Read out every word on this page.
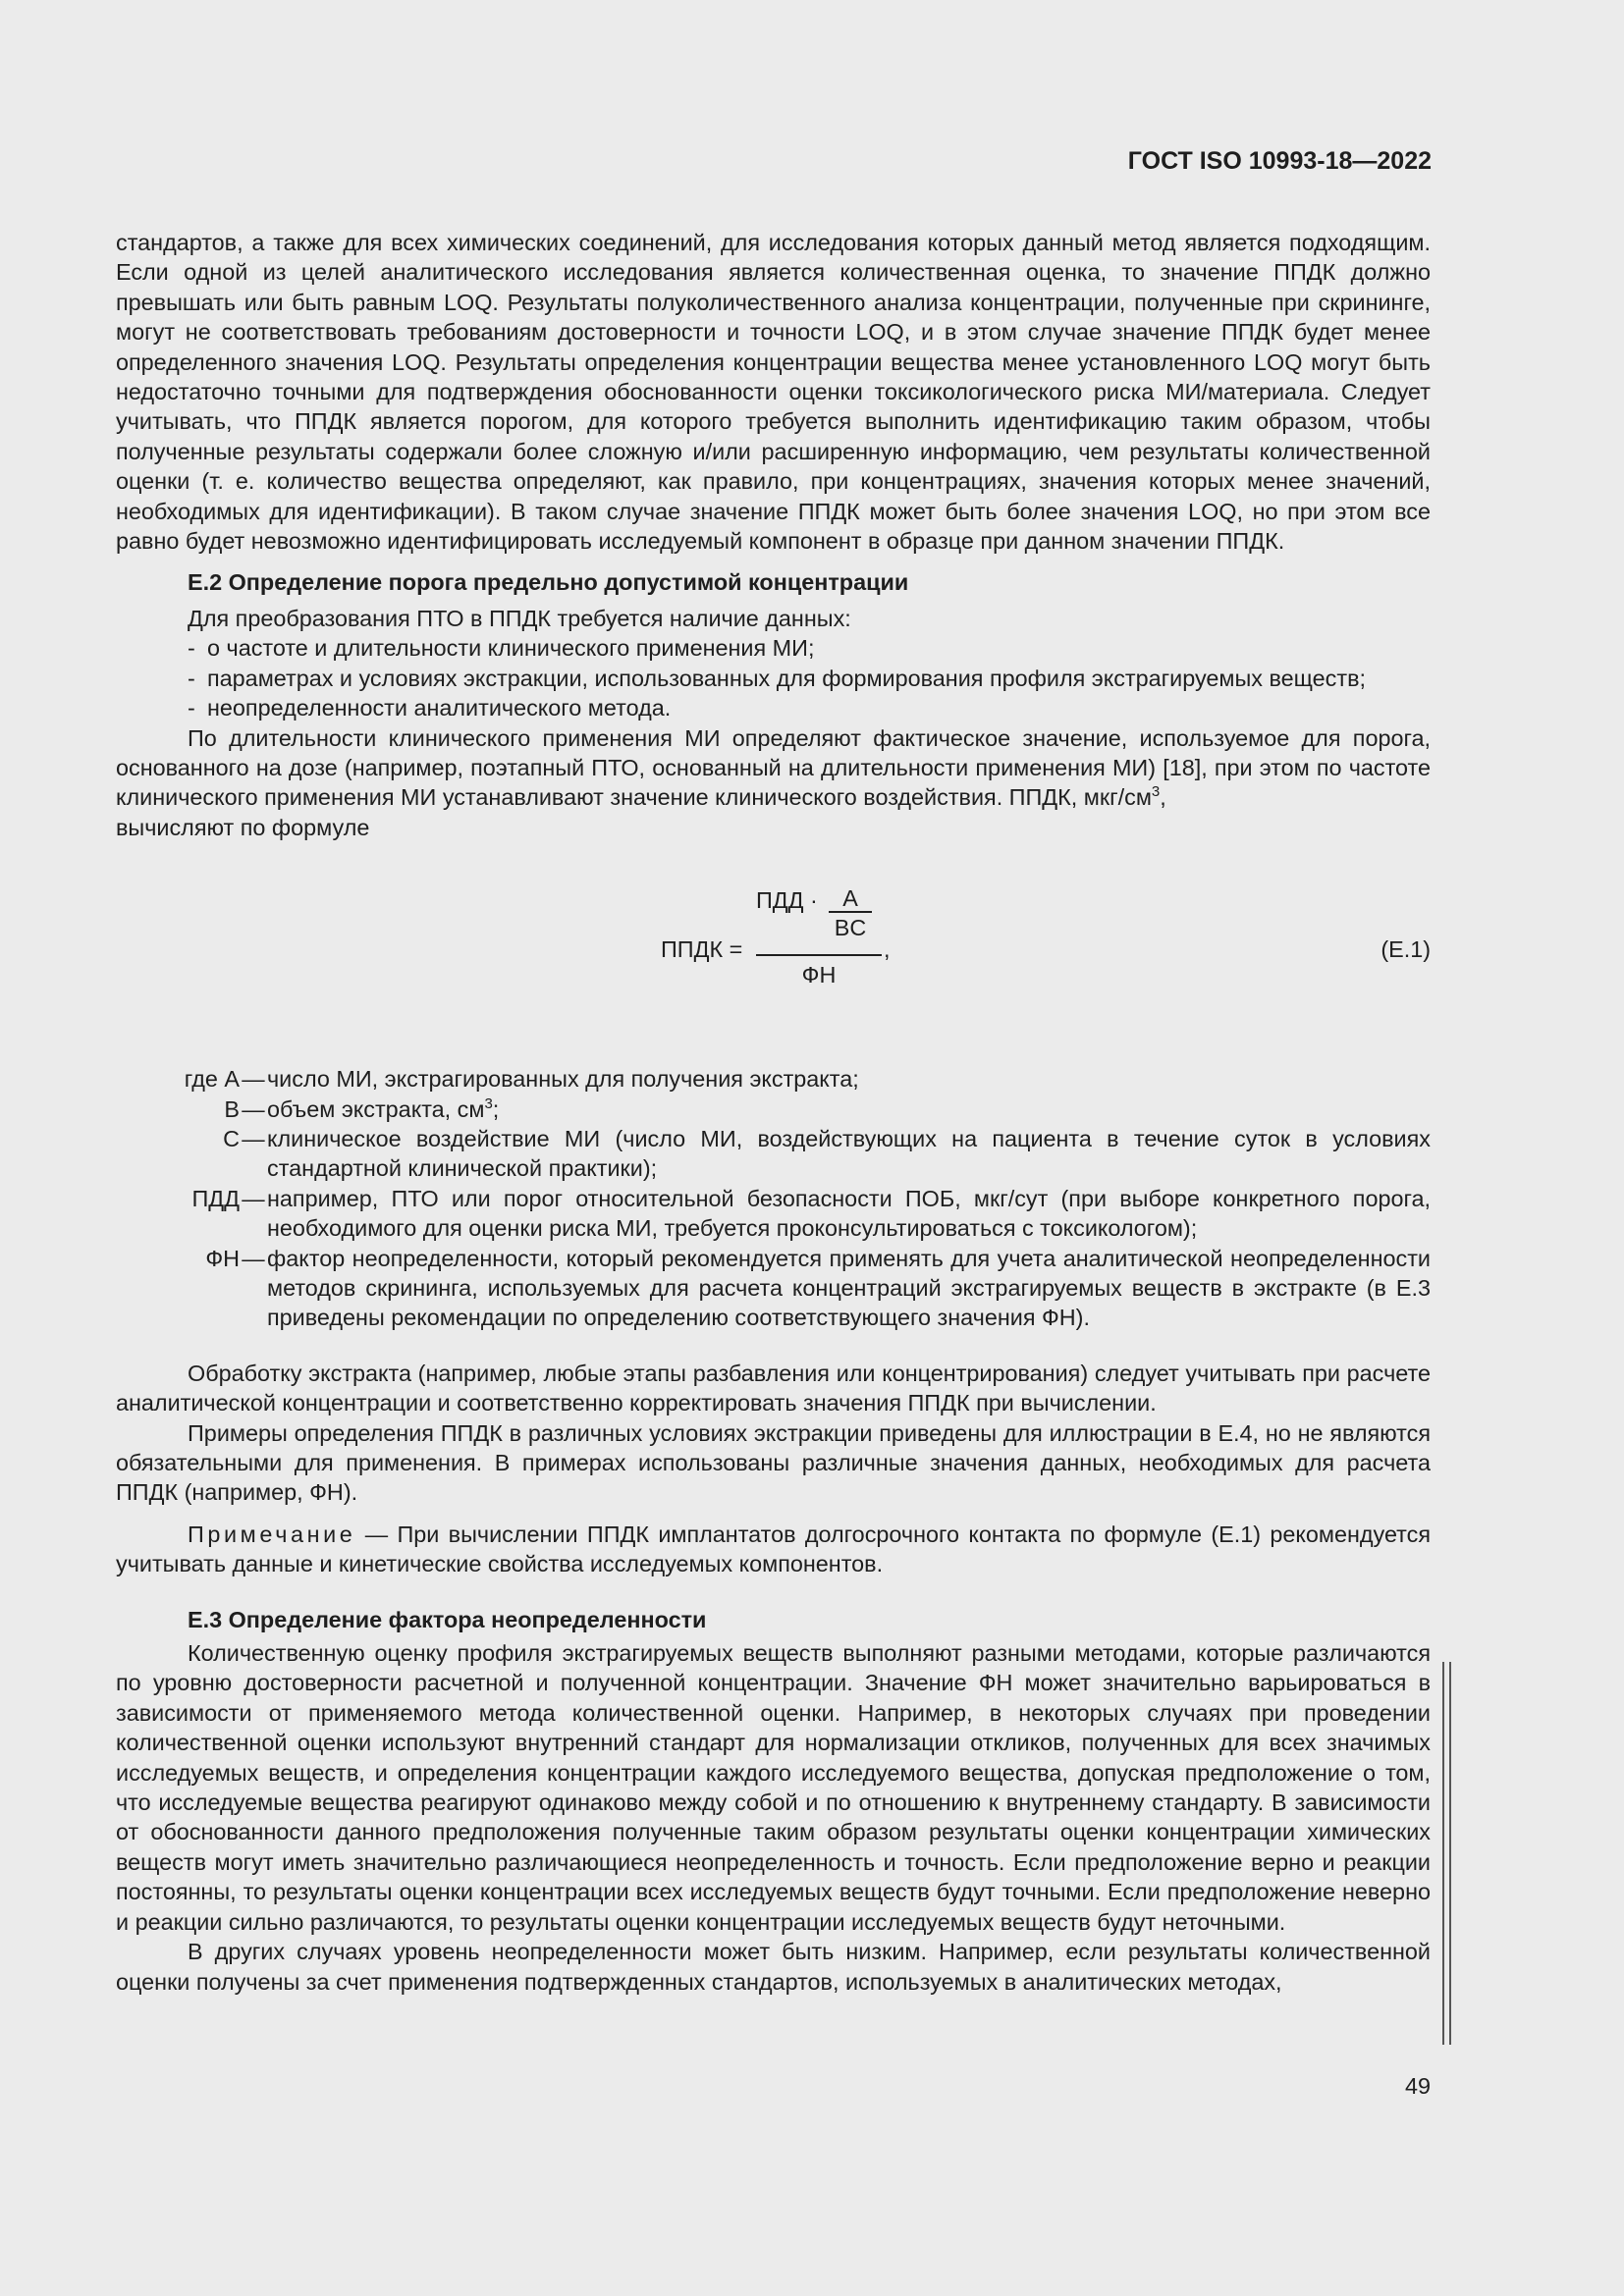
ГОСТ ISO 10993-18—2022

стандартов, а также для всех химических соединений, для исследования которых данный метод является подходящим. Если одной из целей аналитического исследования является количественная оценка, то значение ППДК должно превышать или быть равным LOQ. Результаты полуколичественного анализа концентрации, полученные при скрининге, могут не соответствовать требованиям достоверности и точности LOQ, и в этом случае значение ППДК будет менее определенного значения LOQ. Результаты определения концентрации вещества менее установленного LOQ могут быть недостаточно точными для подтверждения обоснованности оценки токсикологического риска МИ/материала. Следует учитывать, что ППДК является порогом, для которого требуется выполнить идентификацию таким образом, чтобы полученные результаты содержали более сложную и/или расширенную информацию, чем результаты количественной оценки (т. е. количество вещества определяют, как правило, при концентрациях, значения которых менее значений, необходимых для идентификации). В таком случае значение ППДК может быть более значения LOQ, но при этом все равно будет невозможно идентифицировать исследуемый компонент в образце при данном значении ППДК.

Е.2 Определение порога предельно допустимой концентрации

Для преобразования ПТО в ППДК требуется наличие данных:

- о частоте и длительности клинического применения МИ;

- параметрах и условиях экстракции, использованных для формирования профиля экстрагируемых веществ;

- неопределенности аналитического метода.

По длительности клинического применения МИ определяют фактическое значение, используемое для порога, основанного на дозе (например, поэтапный ПТО, основанный на длительности применения МИ) [18], при этом по частоте клинического применения МИ устанавливают значение клинического воздействия. ППДК, мкг/$см^3$,
вычисляют по формуле

ППДК =
ПДД ·	A
BC
ФН
,	(Е.1)
где A — число МИ, экстрагированных для получения экстракта;
B — объем экстракта, $см^3$;
C — клиническое воздействие МИ (число МИ, воздействующих на пациента в течение суток в условиях стандартной клинической практики);
ПДД — например, ПТО или порог относительной безопасности ПОБ, мкг/сут (при выборе конкретного порога, необходимого для оценки риска МИ, требуется проконсультироваться с токсикологом);
ФН — фактор неопределенности, который рекомендуется применять для учета аналитической неопределенности методов скрининга, используемых для расчета концентраций экстрагируемых веществ в экстракте (в Е.3 приведены рекомендации по определению соответствующего значения ФН).

Обработку экстракта (например, любые этапы разбавления или концентрирования) следует учитывать при расчете аналитической концентрации и соответственно корректировать значения ППДК при вычислении.

Примеры определения ППДК в различных условиях экстракции приведены для иллюстрации в Е.4, но не являются обязательными для применения. В примерах использованы различные значения данных, необходимых для расчета ППДК (например, ФН).

Примечание — При вычислении ППДК имплантатов долгосрочного контакта по формуле (Е.1) рекомендуется учитывать данные и кинетические свойства исследуемых компонентов.

Е.3 Определение фактора неопределенности

Количественную оценку профиля экстрагируемых веществ выполняют разными методами, которые различаются по уровню достоверности расчетной и полученной концентрации. Значение ФН может значительно варьироваться в зависимости от применяемого метода количественной оценки. Например, в некоторых случаях при проведении количественной оценки используют внутренний стандарт для нормализации откликов, полученных для всех значимых исследуемых веществ, и определения концентрации каждого исследуемого вещества, допуская предположение о том, что исследуемые вещества реагируют одинаково между собой и по отношению к внутреннему стандарту. В зависимости от обоснованности данного предположения полученные таким образом результаты оценки концентрации химических веществ могут иметь значительно различающиеся неопределенность и точность. Если предположение верно и реакции постоянны, то результаты оценки концентрации всех исследуемых веществ будут точными. Если предположение неверно и реакции сильно различаются, то результаты оценки концентрации исследуемых веществ будут неточными.

В других случаях уровень неопределенности может быть низким. Например, если результаты количественной оценки получены за счет применения подтвержденных стандартов, используемых в аналитических методах,

49
